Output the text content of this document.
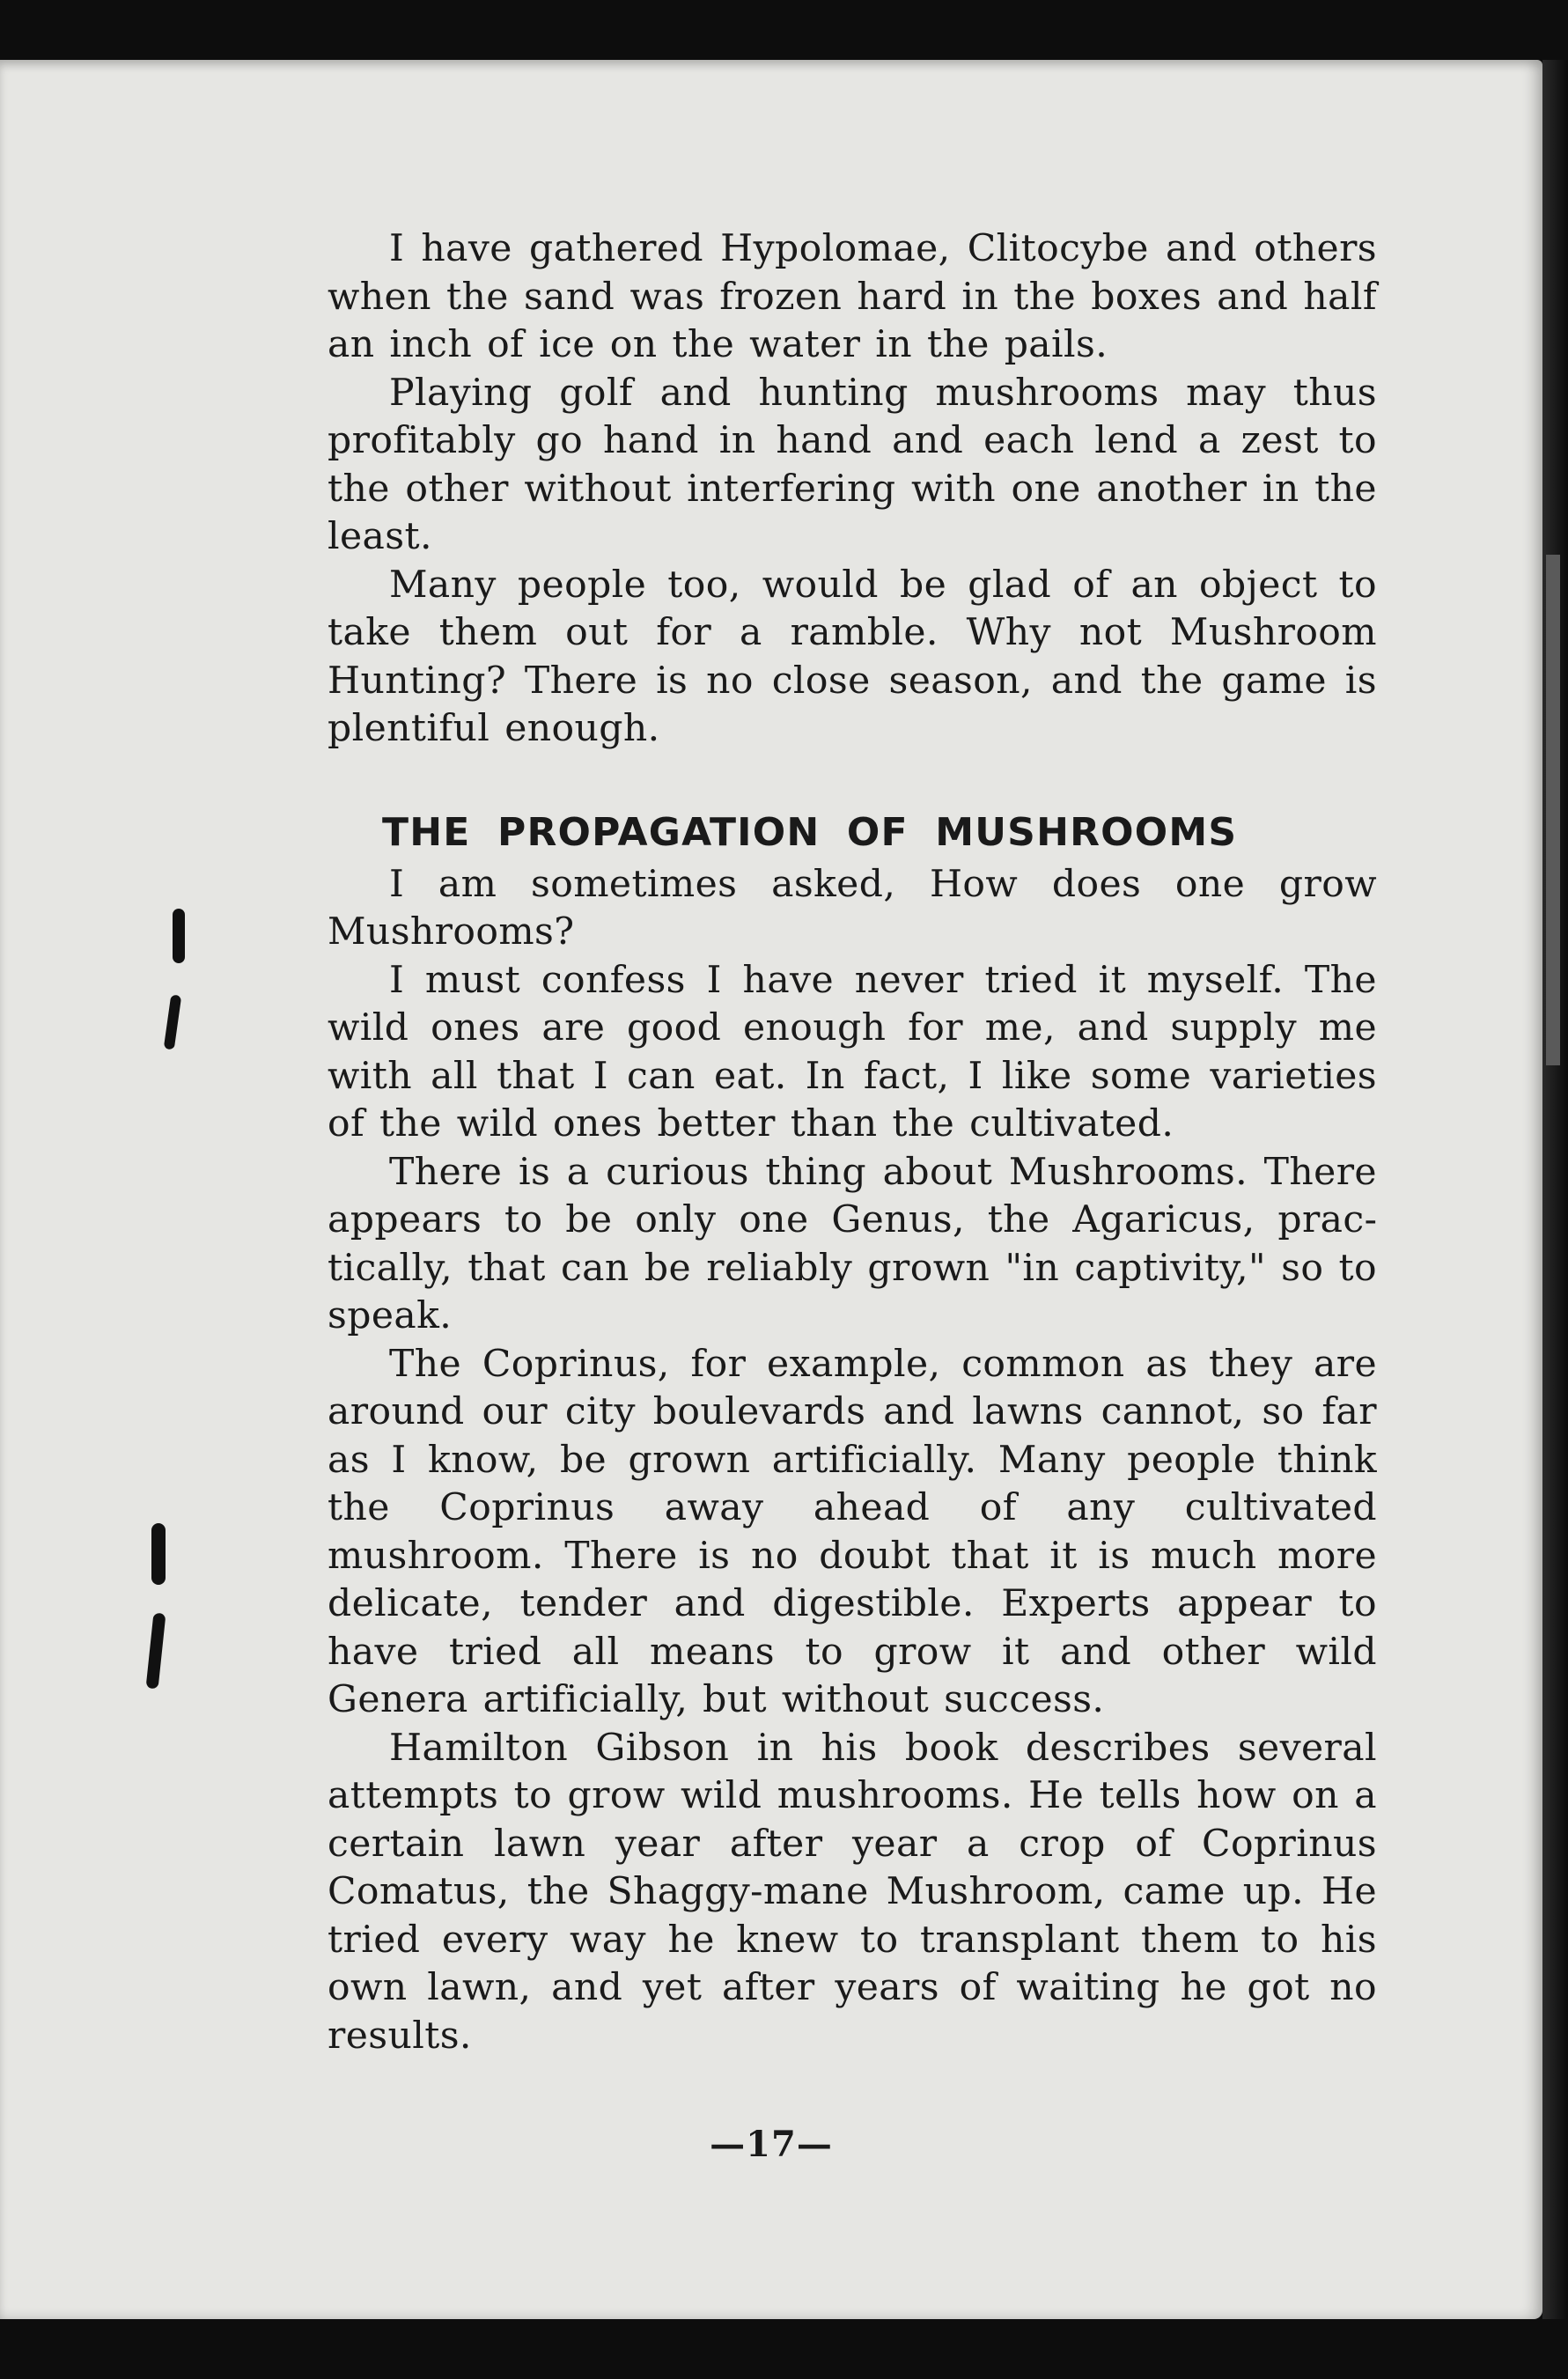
I have gathered Hypolomae, Clitocybe and others when the sand was frozen hard in the boxes and half an inch of ice on the water in the pails.

Playing golf and hunting mushrooms may thus profitably go hand in hand and each lend a zest to the other without interfering with one another in the least.

Many people too, would be glad of an object to take them out for a ramble. Why not Mushroom Hunting? There is no close season, and the game is plentiful enough.

THE PROPAGATION OF MUSHROOMS

I am sometimes asked, How does one grow Mushrooms?

I must confess I have never tried it myself. The wild ones are good enough for me, and supply me with all that I can eat. In fact, I like some varieties of the wild ones better than the cultivated.

There is a curious thing about Mushrooms. There appears to be only one Genus, the Agaricus, practically, that can be reliably grown "in captivity," so to speak.

The Coprinus, for example, common as they are around our city boulevards and lawns cannot, so far as I know, be grown artificially. Many people think the Coprinus away ahead of any cultivated mushroom. There is no doubt that it is much more delicate, tender and digestible. Experts appear to have tried all means to grow it and other wild Genera artificially, but without success.

Hamilton Gibson in his book describes several attempts to grow wild mushrooms. He tells how on a certain lawn year after year a crop of Coprinus Comatus, the Shaggy-mane Mushroom, came up. He tried every way he knew to transplant them to his own lawn, and yet after years of waiting he got no results.

—17—
